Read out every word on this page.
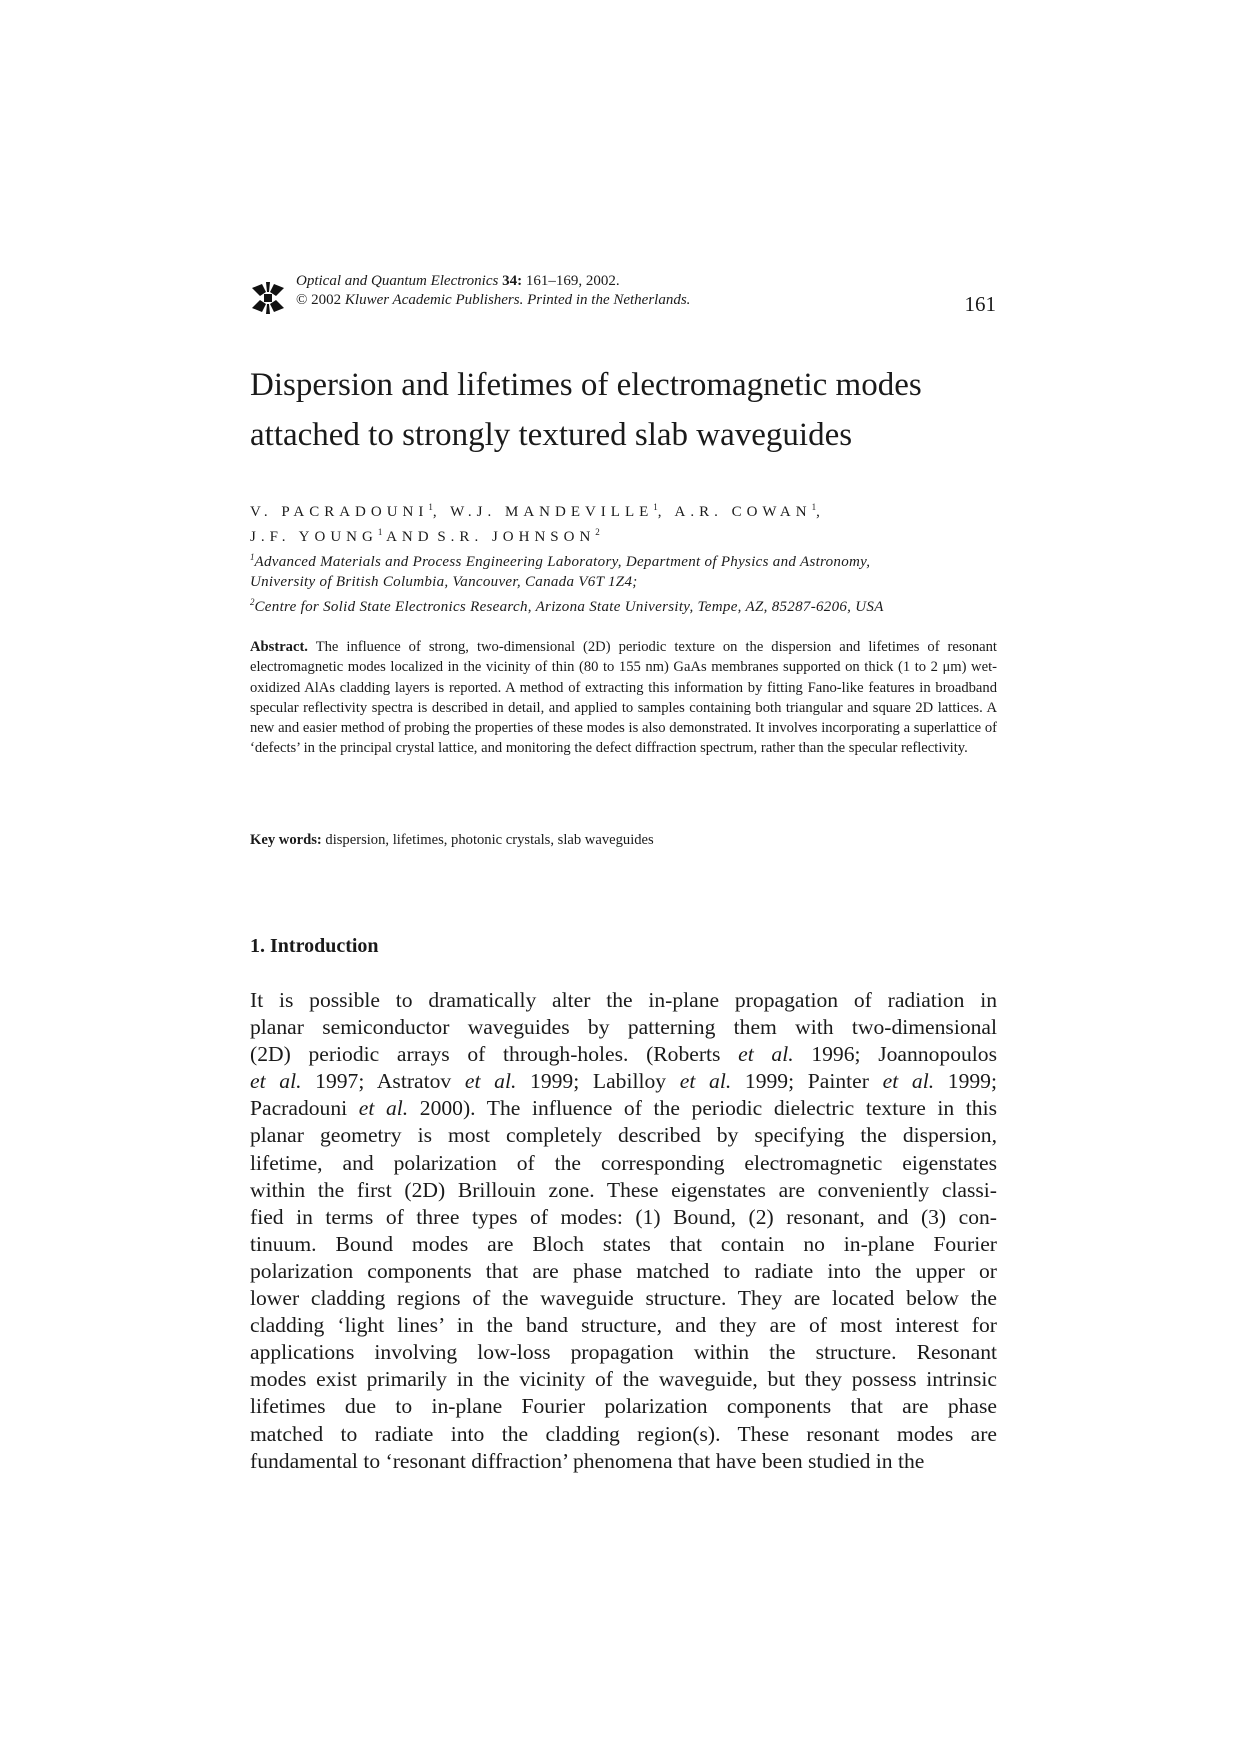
Optical and Quantum Electronics 34: 161–169, 2002.
© 2002 Kluwer Academic Publishers. Printed in the Netherlands.	161
Dispersion and lifetimes of electromagnetic modes
attached to strongly textured slab waveguides
V. PACRADOUNI$^1$, W.J. MANDEVILLE$^1$, A.R. COWAN$^1$,
J.F. YOUNG$^1$ AND S.R. JOHNSON$^2$
$^1$Advanced Materials and Process Engineering Laboratory, Department of Physics and Astronomy,
University of British Columbia, Vancouver, Canada V6T 1Z4;
$^2$Centre for Solid State Electronics Research, Arizona State University, Tempe, AZ, 85287-6206, USA
Abstract. The influence of strong, two-dimensional (2D) periodic texture on the dispersion and lifetimes of resonant electromagnetic modes localized in the vicinity of thin (80 to 155 nm) GaAs membranes supported on thick (1 to 2 μm) wet-oxidized AlAs cladding layers is reported. A method of extracting this information by fitting Fano-like features in broadband specular reflectivity spectra is described in detail, and applied to samples containing both triangular and square 2D lattices. A new and easier method of probing the properties of these modes is also demonstrated. It involves incorporating a superlattice of ‘defects’ in the principal crystal lattice, and monitoring the defect diffraction spectrum, rather than the specular reflectivity.
Key words: dispersion, lifetimes, photonic crystals, slab waveguides
1. Introduction
It is possible to dramatically alter the in-plane propagation of radiation in
planar semiconductor waveguides by patterning them with two-dimensional
(2D) periodic arrays of through-holes. (Roberts et al. 1996; Joannopoulos
et al. 1997; Astratov et al. 1999; Labilloy et al. 1999; Painter et al. 1999;
Pacradouni et al. 2000). The influence of the periodic dielectric texture in this
planar geometry is most completely described by specifying the dispersion,
lifetime, and polarization of the corresponding electromagnetic eigenstates
within the first (2D) Brillouin zone. These eigenstates are conveniently classi-
fied in terms of three types of modes: (1) Bound, (2) resonant, and (3) con-
tinuum. Bound modes are Bloch states that contain no in-plane Fourier
polarization components that are phase matched to radiate into the upper or
lower cladding regions of the waveguide structure. They are located below the
cladding ‘light lines’ in the band structure, and they are of most interest for
applications involving low-loss propagation within the structure. Resonant
modes exist primarily in the vicinity of the waveguide, but they possess intrinsic
lifetimes due to in-plane Fourier polarization components that are phase
matched to radiate into the cladding region(s). These resonant modes are
fundamental to ‘resonant diffraction’ phenomena that have been studied in the
